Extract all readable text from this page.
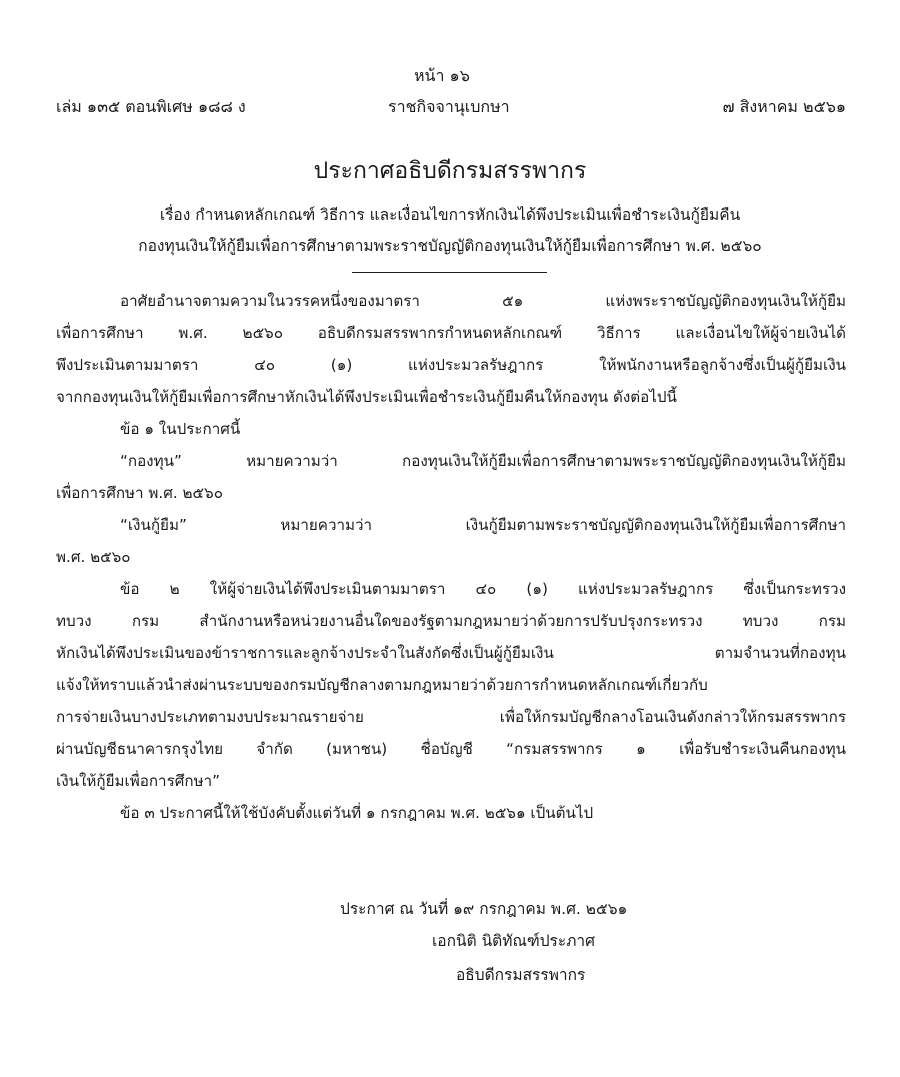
หน้า ๑๖
เล่ม ๑๓๕ ตอนพิเศษ ๑๘๘ ง	ราชกิจจานุเบกษา	๗ สิงหาคม ๒๕๖๑
ประกาศอธิบดีกรมสรรพากร
เรื่อง กำหนดหลักเกณฑ์ วิธีการ และเงื่อนไขการหักเงินได้พึงประเมินเพื่อชำระเงินกู้ยืมคืน
กองทุนเงินให้กู้ยืมเพื่อการศึกษาตามพระราชบัญญัติกองทุนเงินให้กู้ยืมเพื่อการศึกษา พ.ศ. ๒๕๖๐
อาศัยอำนาจตามความในวรรคหนึ่งของมาตรา ๕๑ แห่งพระราชบัญญัติกองทุนเงินให้กู้ยืม
เพื่อการศึกษา พ.ศ. ๒๕๖๐ อธิบดีกรมสรรพากรกำหนดหลักเกณฑ์ วิธีการ และเงื่อนไขให้ผู้จ่ายเงินได้
พึงประเมินตามมาตรา ๔๐ (๑) แห่งประมวลรัษฎากร ให้พนักงานหรือลูกจ้างซึ่งเป็นผู้กู้ยืมเงิน
จากกองทุนเงินให้กู้ยืมเพื่อการศึกษาหักเงินได้พึงประเมินเพื่อชำระเงินกู้ยืมคืนให้กองทุน ดังต่อไปนี้
ข้อ ๑ ในประกาศนี้
“กองทุน” หมายความว่า กองทุนเงินให้กู้ยืมเพื่อการศึกษาตามพระราชบัญญัติกองทุนเงินให้กู้ยืม
เพื่อการศึกษา พ.ศ. ๒๕๖๐
“เงินกู้ยืม” หมายความว่า เงินกู้ยืมตามพระราชบัญญัติกองทุนเงินให้กู้ยืมเพื่อการศึกษา
พ.ศ. ๒๕๖๐
ข้อ ๒ ให้ผู้จ่ายเงินได้พึงประเมินตามมาตรา ๔๐ (๑) แห่งประมวลรัษฎากร ซึ่งเป็นกระทรวง
ทบวง กรม สำนักงานหรือหน่วยงานอื่นใดของรัฐตามกฎหมายว่าด้วยการปรับปรุงกระทรวง ทบวง กรม
หักเงินได้พึงประเมินของข้าราชการและลูกจ้างประจำในสังกัดซึ่งเป็นผู้กู้ยืมเงิน ตามจำนวนที่กองทุน
แจ้งให้ทราบแล้วนำส่งผ่านระบบของกรมบัญชีกลางตามกฎหมายว่าด้วยการกำหนดหลักเกณฑ์เกี่ยวกับ
การจ่ายเงินบางประเภทตามงบประมาณรายจ่าย เพื่อให้กรมบัญชีกลางโอนเงินดังกล่าวให้กรมสรรพากร
ผ่านบัญชีธนาคารกรุงไทย จำกัด (มหาชน) ชื่อบัญชี “กรมสรรพากร ๑ เพื่อรับชำระเงินคืนกองทุน
เงินให้กู้ยืมเพื่อการศึกษา”
ข้อ ๓ ประกาศนี้ให้ใช้บังคับตั้งแต่วันที่ ๑ กรกฎาคม พ.ศ. ๒๕๖๑ เป็นต้นไป
ประกาศ ณ วันที่ ๑๙ กรกฎาคม พ.ศ. ๒๕๖๑
เอกนิติ นิติทัณฑ์ประภาศ
อธิบดีกรมสรรพากร
